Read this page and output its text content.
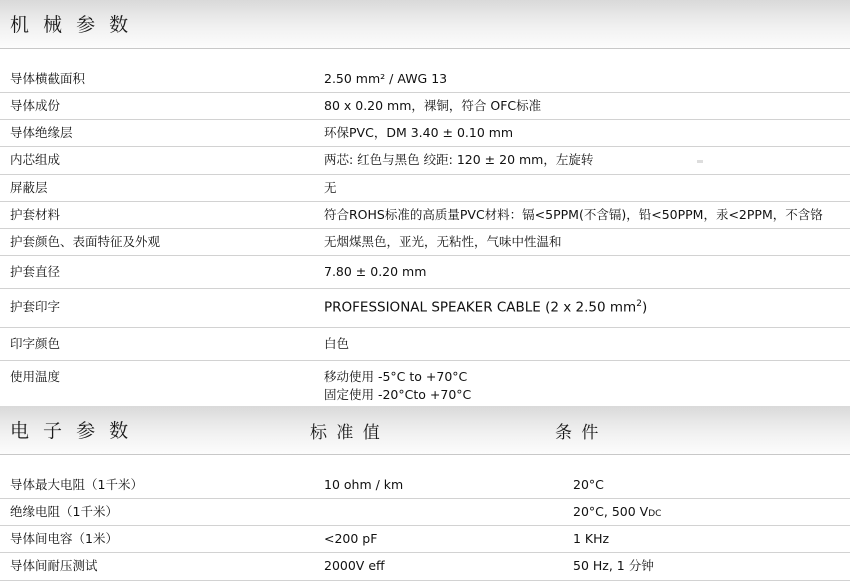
机 械 参 数
导体横截面积	2.50 mm² / AWG 13
导体成份	80 x 0.20 mm，裸铜，符合 OFC标准
导体绝缘层	环保PVC，DM 3.40 ± 0.10 mm
内芯组成	两芯: 红色与黑色 绞距: 120 ± 20 mm，左旋转
屏蔽层	无
护套材料	符合ROHS标准的高质量PVC材料：镉<5PPM(不含镉)，铅<50PPM，汞<2PPM，不含铬
护套颜色、表面特征及外观	无烟煤黑色，亚光，无粘性，气味中性温和
护套直径	7.80 ± 0.20 mm
护套印字	PROFESSIONAL SPEAKER CABLE (2 x 2.50 $mm^2$)
印字颜色	白色
使用温度	移动使用 -5°C to +70°C
固定使用 -20°Cto +70°C
电 子 参 数	标 准 值	条 件
导体最大电阻（1千米）	10 ohm / km	20°C
绝缘电阻（1千米）		20°C, 500 VDC
导体间电容（1米）	<200 pF	1 KHz
导体间耐压测试	2000V eff	50 Hz, 1 分钟
